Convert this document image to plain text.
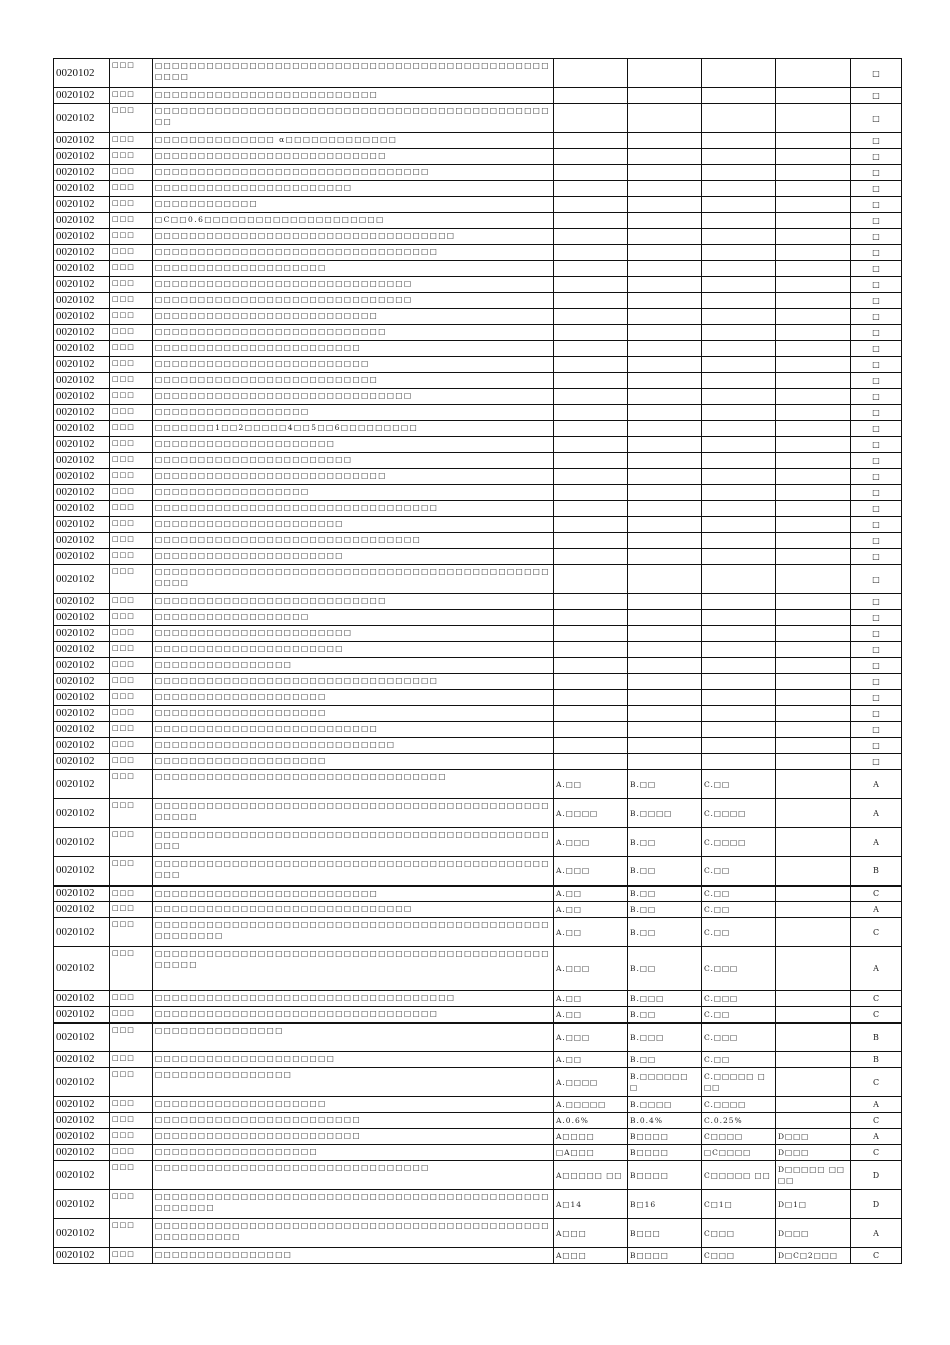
0020102	□□□	□□□□□□□□□□□□□□□□□□□□□□□□□□□□□□□□□□□□□□□□□□□□□□□□□□					□
0020102	□□□	□□□□□□□□□□□□□□□□□□□□□□□□□□					□
0020102	□□□	□□□□□□□□□□□□□□□□□□□□□□□□□□□□□□□□□□□□□□□□□□□□□□□□					□
0020102	□□□	□□□□□□□□□□□□□□ α□□□□□□□□□□□□□					□
0020102	□□□	□□□□□□□□□□□□□□□□□□□□□□□□□□□					□
0020102	□□□	□□□□□□□□□□□□□□□□□□□□□□□□□□□□□□□□					□
0020102	□□□	□□□□□□□□□□□□□□□□□□□□□□□					□
0020102	□□□	□□□□□□□□□□□□					□
0020102	□□□	□C□□0.6□□□□□□□□□□□□□□□□□□□□□					□
0020102	□□□	□□□□□□□□□□□□□□□□□□□□□□□□□□□□□□□□□□□					□
0020102	□□□	□□□□□□□□□□□□□□□□□□□□□□□□□□□□□□□□□					□
0020102	□□□	□□□□□□□□□□□□□□□□□□□□					□
0020102	□□□	□□□□□□□□□□□□□□□□□□□□□□□□□□□□□□					□
0020102	□□□	□□□□□□□□□□□□□□□□□□□□□□□□□□□□□□					□
0020102	□□□	□□□□□□□□□□□□□□□□□□□□□□□□□□					□
0020102	□□□	□□□□□□□□□□□□□□□□□□□□□□□□□□□					□
0020102	□□□	□□□□□□□□□□□□□□□□□□□□□□□□					□
0020102	□□□	□□□□□□□□□□□□□□□□□□□□□□□□□					□
0020102	□□□	□□□□□□□□□□□□□□□□□□□□□□□□□□					□
0020102	□□□	□□□□□□□□□□□□□□□□□□□□□□□□□□□□□□					□
0020102	□□□	□□□□□□□□□□□□□□□□□□					□
0020102	□□□	□□□□□□□1□□2□□□□□4□□5□□6□□□□□□□□□					□
0020102	□□□	□□□□□□□□□□□□□□□□□□□□□					□
0020102	□□□	□□□□□□□□□□□□□□□□□□□□□□□					□
0020102	□□□	□□□□□□□□□□□□□□□□□□□□□□□□□□□					□
0020102	□□□	□□□□□□□□□□□□□□□□□□					□
0020102	□□□	□□□□□□□□□□□□□□□□□□□□□□□□□□□□□□□□□					□
0020102	□□□	□□□□□□□□□□□□□□□□□□□□□□					□
0020102	□□□	□□□□□□□□□□□□□□□□□□□□□□□□□□□□□□□					□
0020102	□□□	□□□□□□□□□□□□□□□□□□□□□□					□
0020102	□□□	□□□□□□□□□□□□□□□□□□□□□□□□□□□□□□□□□□□□□□□□□□□□□□□□□□					□
0020102	□□□	□□□□□□□□□□□□□□□□□□□□□□□□□□□					□
0020102	□□□	□□□□□□□□□□□□□□□□□□					□
0020102	□□□	□□□□□□□□□□□□□□□□□□□□□□□					□
0020102	□□□	□□□□□□□□□□□□□□□□□□□□□□					□
0020102	□□□	□□□□□□□□□□□□□□□□					□
0020102	□□□	□□□□□□□□□□□□□□□□□□□□□□□□□□□□□□□□□					□
0020102	□□□	□□□□□□□□□□□□□□□□□□□□					□
0020102	□□□	□□□□□□□□□□□□□□□□□□□□					□
0020102	□□□	□□□□□□□□□□□□□□□□□□□□□□□□□□					□
0020102	□□□	□□□□□□□□□□□□□□□□□□□□□□□□□□□□					□
0020102	□□□	□□□□□□□□□□□□□□□□□□□□					□
0020102	□□□	□□□□□□□□□□□□□□□□□□□□□□□□□□□□□□□□□□	A.□□	B.□□	C.□□		A
0020102	□□□	□□□□□□□□□□□□□□□□□□□□□□□□□□□□□□□□□□□□□□□□□□□□□□□□□□□	A.□□□□	B.□□□□	C.□□□□		A
0020102	□□□	□□□□□□□□□□□□□□□□□□□□□□□□□□□□□□□□□□□□□□□□□□□□□□□□□	A.□□□	B.□□	C.□□□□		A
0020102	□□□	□□□□□□□□□□□□□□□□□□□□□□□□□□□□□□□□□□□□□□□□□□□□□□□□□	A.□□□	B.□□	C.□□		B
0020102	□□□	□□□□□□□□□□□□□□□□□□□□□□□□□□	A.□□	B.□□	C.□□		C
0020102	□□□	□□□□□□□□□□□□□□□□□□□□□□□□□□□□□□	A.□□	B.□□	C.□□		A
0020102	□□□	□□□□□□□□□□□□□□□□□□□□□□□□□□□□□□□□□□□□□□□□□□□□□□□□□□□□□□	A.□□	B.□□	C.□□		C
0020102	□□□	□□□□□□□□□□□□□□□□□□□□□□□□□□□□□□□□□□□□□□□□□□□□□□□□□□□	A.□□□	B.□□	C.□□□		A
0020102	□□□	□□□□□□□□□□□□□□□□□□□□□□□□□□□□□□□□□□□	A.□□	B.□□□	C.□□□		C
0020102	□□□	□□□□□□□□□□□□□□□□□□□□□□□□□□□□□□□□□	A.□□	B.□□	C.□□		C
0020102	□□□	□□□□□□□□□□□□□□□	A.□□□	B.□□□	C.□□□		B
0020102	□□□	□□□□□□□□□□□□□□□□□□□□□	A.□□	B.□□	C.□□		B
0020102	□□□	□□□□□□□□□□□□□□□□	A.□□□□	B.□□□□□□ □	C.□□□□□ □□□		C
0020102	□□□	□□□□□□□□□□□□□□□□□□□□	A.□□□□□	B.□□□□	C.□□□□		A
0020102	□□□	□□□□□□□□□□□□□□□□□□□□□□□□	A.0.6%	B.0.4%	C.0.25%		C
0020102	□□□	□□□□□□□□□□□□□□□□□□□□□□□□	A□□□□	B□□□□	C□□□□	D□□□	A
0020102	□□□	□□□□□□□□□□□□□□□□□□□	□A□□□	B□□□□	□C□□□□	D□□□	C
0020102	□□□	□□□□□□□□□□□□□□□□□□□□□□□□□□□□□□□□	A□□□□□ □□	B□□□□	C□□□□□ □□	D□□□□□ □□□□	D
0020102	□□□	□□□□□□□□□□□□□□□□□□□□□□□□□□□□□□□□□□□□□□□□□□□□□□□□□□□□□	A□14	B□16	C□1□	D□1□	D
0020102	□□□	□□□□□□□□□□□□□□□□□□□□□□□□□□□□□□□□□□□□□□□□□□□□□□□□□□□□□□□□	A□□□	B□□□	C□□□	D□□□	A
0020102	□□□	□□□□□□□□□□□□□□□□	A□□□	B□□□□	C□□□	D□C□2□□□	C
